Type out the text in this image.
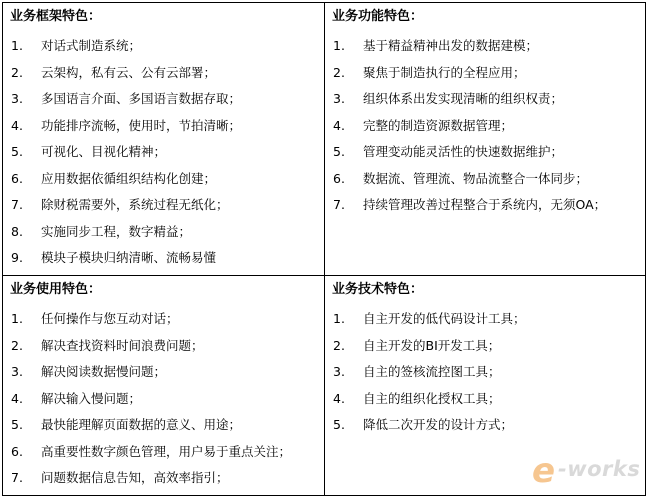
业务框架特色：
1.	对话式制造系统；
2.	云架构，私有云、公有云部署；
3.	多国语言介面、多国语言数据存取；
4.	功能排序流畅，使用时，节拍清晰；
5.	可视化、目视化精神；
6.	应用数据依循组织结构化创建；
7.	除财税需要外，系统过程无纸化；
8.	实施同步工程，数字精益；
9.	模块子模块归纳清晰、流畅易懂
业务功能特色：
1.	基于精益精神出发的数据建模；
2.	聚焦于制造执行的全程应用；
3.	组织体系出发实现清晰的组织权责；
4.	完整的制造资源数据管理；
5.	管理变动能灵活性的快速数据维护；
6.	数据流、管理流、物品流整合一体同步；
7.	持续管理改善过程整合于系统内，无须OA；
业务使用特色：
1.	任何操作与您互动对话；
2.	解决查找资料时间浪费问题；
3.	解决阅读数据慢问题；
4.	解决输入慢问题；
5.	最快能理解页面数据的意义、用途；
6.	高重要性数字颜色管理，用户易于重点关注；
7.	问题数据信息告知，高效率指引；
业务技术特色：
1.	自主开发的低代码设计工具；
2.	自主开发的BI开发工具；
3.	自主的签核流控图工具；
4.	自主的组织化授权工具；
5.	降低二次开发的设计方式；
e -works
